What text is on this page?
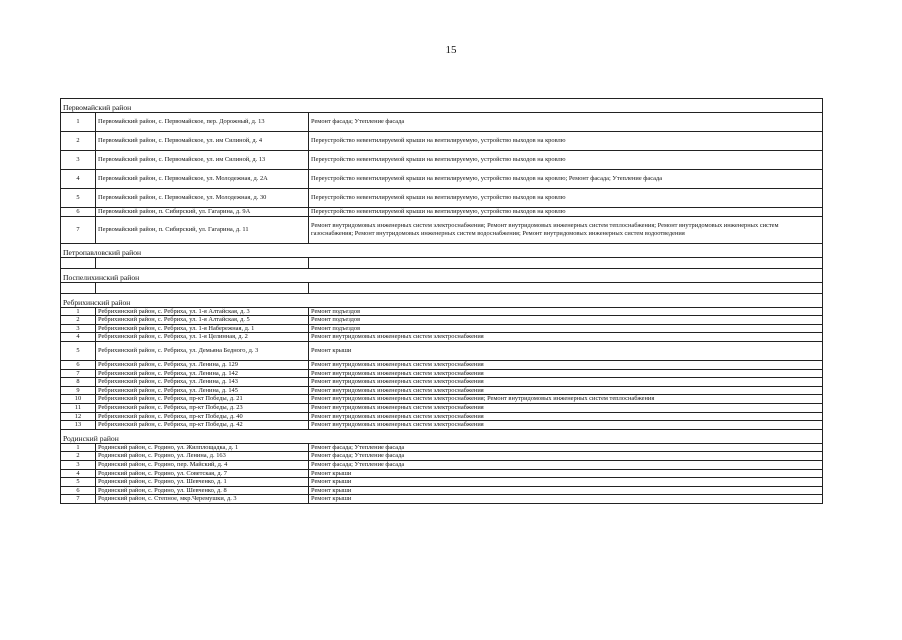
15
Первомайский район		
1	Первомайский район, с. Первомайское, пер. Дорожный, д. 13	Ремонт фасада; Утепление фасада
2	Первомайский район, с. Первомайское, ул. им Силиной, д. 4	Переустройство невентилируемой крыши на вентилируемую, устройство выходов на кровлю
3	Первомайский район, с. Первомайское, ул. им Силиной, д. 13	Переустройство невентилируемой крыши на вентилируемую, устройство выходов на кровлю
4	Первомайский район, с. Первомайское, ул. Молодежная, д. 2А	Переустройство невентилируемой крыши на вентилируемую, устройство выходов на кровлю; Ремонт фасада; Утепление фасада
5	Первомайский район, с. Первомайское, ул. Молодежная, д. 30	Переустройство невентилируемой крыши на вентилируемую, устройство выходов на кровлю
6	Первомайский район, п. Сибирский, ул. Гагарина, д. 9А	Переустройство невентилируемой крыши на вентилируемую, устройство выходов на кровлю
7	Первомайский район, п. Сибирский, ул. Гагарина, д. 11	Ремонт внутридомовых инженерных систем электроснабжения; Ремонт внутридомовых инженерных систем теплоснабжения; Ремонт внутридомовых инженерных систем газоснабжения; Ремонт внутридомовых инженерных систем водоснабжения; Ремонт внутридомовых инженерных систем водоотведения
Петропавловский район		

Поспелихинский район		

Ребрихинский район		
1	Ребрихинский район, с. Ребриха, ул. 1-я Алтайская, д. 3	Ремонт подъездов
2	Ребрихинский район, с. Ребриха, ул. 1-я Алтайская, д. 5	Ремонт подъездов
3	Ребрихинский район, с. Ребриха, ул. 1-я Набережная, д. 1	Ремонт подъездов
4	Ребрихинский район, с. Ребриха, ул. 1-я Целинная, д. 2	Ремонт внутридомовых инженерных систем электроснабжения
5	Ребрихинский район, с. Ребриха, ул. Демьяна Бедного, д. 3	Ремонт крыши
6	Ребрихинский район, с. Ребриха, ул. Ленина, д. 129	Ремонт внутридомовых инженерных систем электроснабжения
7	Ребрихинский район, с. Ребриха, ул. Ленина, д. 142	Ремонт внутридомовых инженерных систем электроснабжения
8	Ребрихинский район, с. Ребриха, ул. Ленина, д. 143	Ремонт внутридомовых инженерных систем электроснабжения
9	Ребрихинский район, с. Ребриха, ул. Ленина, д. 145	Ремонт внутридомовых инженерных систем электроснабжения
10	Ребрихинский район, с. Ребриха, пр-кт Победы, д. 21	Ремонт внутридомовых инженерных систем электроснабжения; Ремонт внутридомовых инженерных систем теплоснабжения
11	Ребрихинский район, с. Ребриха, пр-кт Победы, д. 23	Ремонт внутридомовых инженерных систем электроснабжения
12	Ребрихинский район, с. Ребриха, пр-кт Победы, д. 40	Ремонт внутридомовых инженерных систем электроснабжения
13	Ребрихинский район, с. Ребриха, пр-кт Победы, д. 42	Ремонт внутридомовых инженерных систем электроснабжения
Родинский район		
1	Родинский район, с. Родино, ул. Жилплощадка, д. 1	Ремонт фасада; Утепление фасада
2	Родинский район, с. Родино, ул. Ленина, д. 163	Ремонт фасада; Утепление фасада
3	Родинский район, с. Родино, пер. Майский, д. 4	Ремонт фасада; Утепление фасада
4	Родинский район, с. Родино, ул. Советская, д. 7	Ремонт крыши
5	Родинский район, с. Родино, ул. Шевченко, д. 1	Ремонт крыши
6	Родинский район, с. Родино, ул. Шевченко, д. 8	Ремонт крыши
7	Родинский район, с. Степное, мкр.Черемушки, д. 3	Ремонт крыши
